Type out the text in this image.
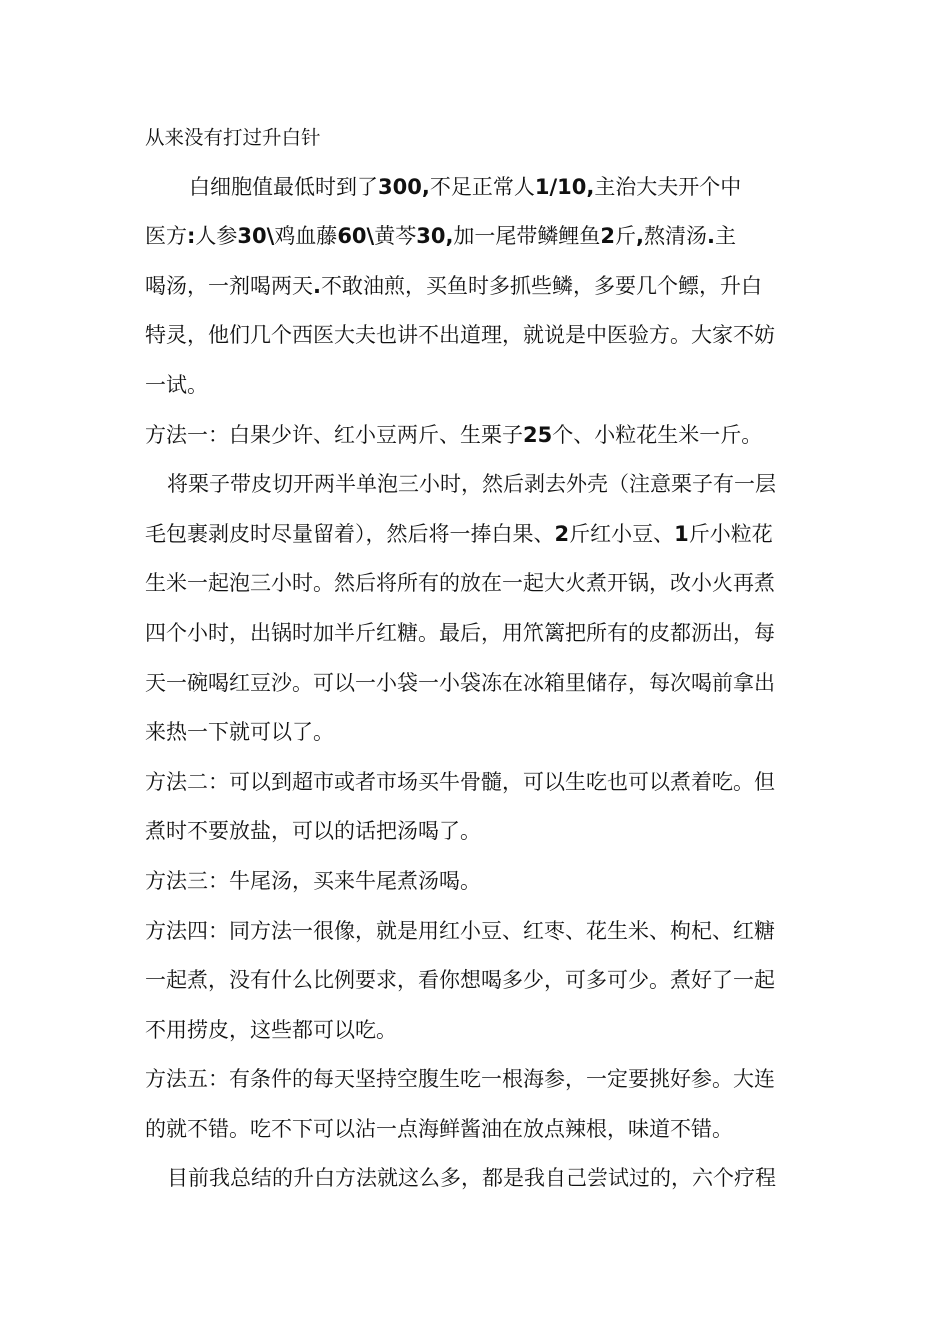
从来没有打过升白针
白细胞值最低时到了300,不足正常人1/10,主治大夫开个中
医方:人参30\鸡血藤60\黄芩30,加一尾带鳞鲤鱼2斤,熬清汤.主
喝汤，一剂喝两天.不敢油煎，买鱼时多抓些鳞，多要几个鳔，升白
特灵，他们几个西医大夫也讲不出道理，就说是中医验方。大家不妨
一试。
方法一：白果少许、红小豆两斤、生栗子25个、小粒花生米一斤。
将栗子带皮切开两半单泡三小时，然后剥去外壳（注意栗子有一层
毛包裹剥皮时尽量留着），然后将一捧白果、2斤红小豆、1斤小粒花
生米一起泡三小时。然后将所有的放在一起大火煮开锅，改小火再煮
四个小时，出锅时加半斤红糖。最后，用笊篱把所有的皮都沥出，每
天一碗喝红豆沙。可以一小袋一小袋冻在冰箱里储存，每次喝前拿出
来热一下就可以了。
方法二：可以到超市或者市场买牛骨髓，可以生吃也可以煮着吃。但
煮时不要放盐，可以的话把汤喝了。
方法三：牛尾汤，买来牛尾煮汤喝。
方法四：同方法一很像，就是用红小豆、红枣、花生米、枸杞、红糖
一起煮，没有什么比例要求，看你想喝多少，可多可少。煮好了一起
不用捞皮，这些都可以吃。
方法五：有条件的每天坚持空腹生吃一根海参，一定要挑好参。大连
的就不错。吃不下可以沾一点海鲜酱油在放点辣根，味道不错。
目前我总结的升白方法就这么多，都是我自己尝试过的，六个疗程
